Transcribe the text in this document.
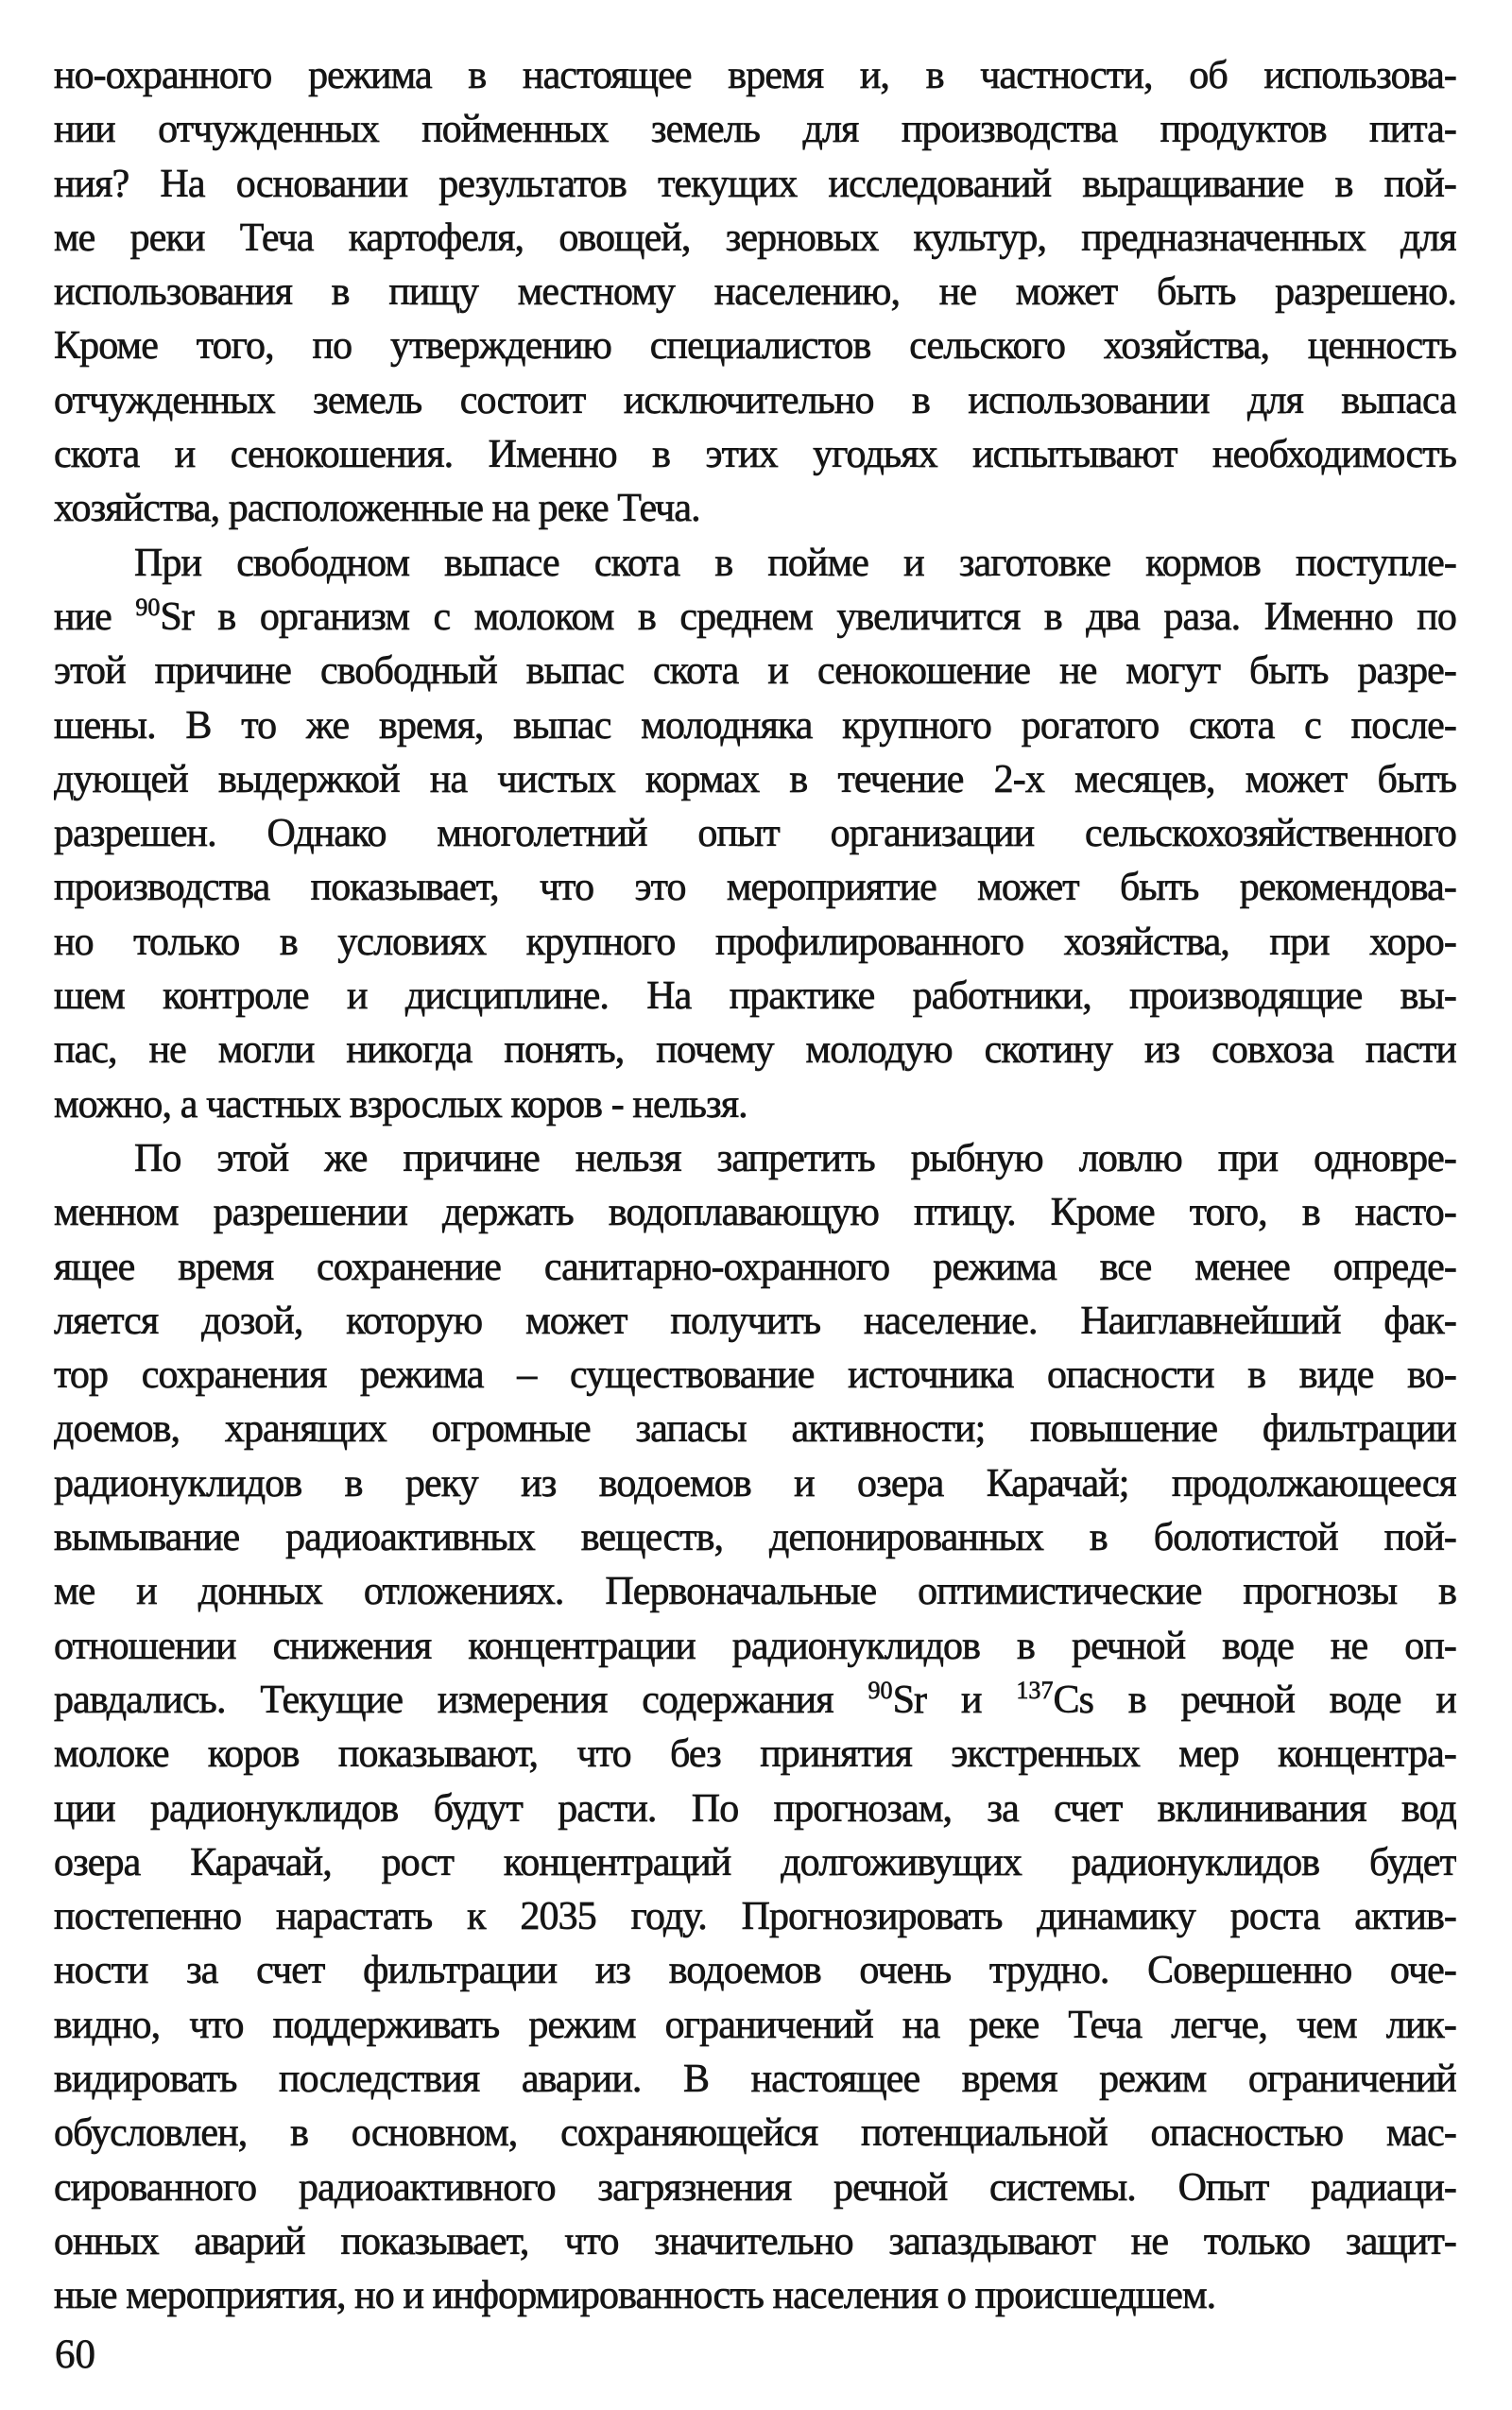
но-охранного режима в настоящее время и, в частности, об использова-
нии отчужденных пойменных земель для производства продуктов пита-
ния? На основании результатов текущих исследований выращивание в пой-
ме реки Теча картофеля, овощей, зерновых культур, предназначенных для
использования в пищу местному населению, не может быть разрешено.
Кроме того, по утверждению специалистов сельского хозяйства, ценность
отчужденных земель состоит исключительно в использовании для выпаса
скота и сенокошения. Именно в этих угодьях испытывают необходимость
хозяйства, расположенные на реке Теча.
При свободном выпасе скота в пойме и заготовке кормов поступле-
ние $^{90}$Sr в организм с молоком в среднем увеличится в два раза. Именно по
этой причине свободный выпас скота и сенокошение не могут быть разре-
шены. В то же время, выпас молодняка крупного рогатого скота с после-
дующей выдержкой на чистых кормах в течение 2-х месяцев, может быть
разрешен. Однако многолетний опыт организации сельскохозяйственного
производства показывает, что это мероприятие может быть рекомендова-
но только в условиях крупного профилированного хозяйства, при хоро-
шем контроле и дисциплине. На практике работники, производящие вы-
пас, не могли никогда понять, почему молодую скотину из совхоза пасти
можно, а частных взрослых коров - нельзя.
По этой же причине нельзя запретить рыбную ловлю при одновре-
менном разрешении держать водоплавающую птицу. Кроме того, в насто-
ящее время сохранение санитарно-охранного режима все менее опреде-
ляется дозой, которую может получить население. Наиглавнейший фак-
тор сохранения режима – существование источника опасности в виде во-
доемов, хранящих огромные запасы активности; повышение фильтрации
радионуклидов в реку из водоемов и озера Карачай; продолжающееся
вымывание радиоактивных веществ, депонированных в болотистой пой-
ме и донных отложениях. Первоначальные оптимистические прогнозы в
отношении снижения концентрации радионуклидов в речной воде не оп-
равдались. Текущие измерения содержания $^{90}$Sr и $^{137}$Cs в речной воде и
молоке коров показывают, что без принятия экстренных мер концентра-
ции радионуклидов будут расти. По прогнозам, за счет вклинивания вод
озера Карачай, рост концентраций долгоживущих радионуклидов будет
постепенно нарастать к 2035 году. Прогнозировать динамику роста актив-
ности за счет фильтрации из водоемов очень трудно. Совершенно оче-
видно, что поддерживать режим ограничений на реке Теча легче, чем лик-
видировать последствия аварии. В настоящее время режим ограничений
обусловлен, в основном, сохраняющейся потенциальной опасностью мас-
сированного радиоактивного загрязнения речной системы. Опыт радиаци-
онных аварий показывает, что значительно запаздывают не только защит-
ные мероприятия, но и информированность населения о происшедшем.
60
